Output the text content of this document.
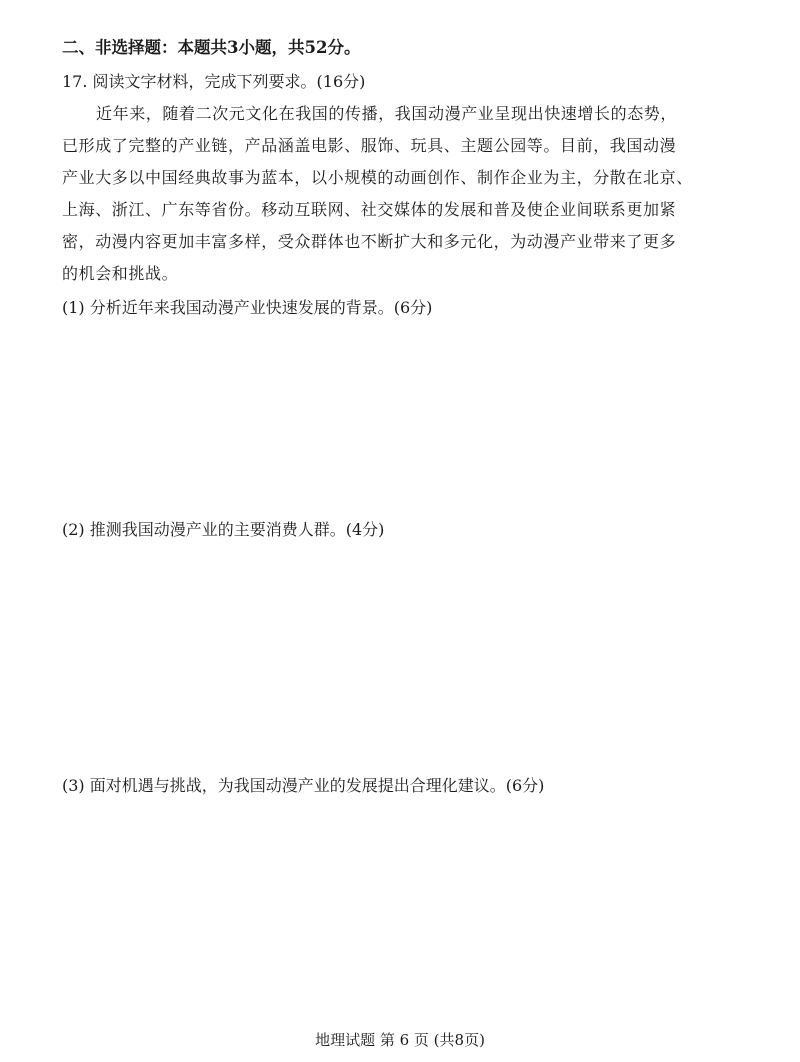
二、非选择题：本题共3小题，共52分。
17. 阅读文字材料，完成下列要求。(16分)
近年来，随着二次元文化在我国的传播，我国动漫产业呈现出快速增长的态势，
已形成了完整的产业链，产品涵盖电影、服饰、玩具、主题公园等。目前，我国动漫
产业大多以中国经典故事为蓝本，以小规模的动画创作、制作企业为主，分散在北京、
上海、浙江、广东等省份。移动互联网、社交媒体的发展和普及使企业间联系更加紧
密，动漫内容更加丰富多样，受众群体也不断扩大和多元化，为动漫产业带来了更多
的机会和挑战。
(1) 分析近年来我国动漫产业快速发展的背景。(6分)
(2) 推测我国动漫产业的主要消费人群。(4分)
(3) 面对机遇与挑战，为我国动漫产业的发展提出合理化建议。(6分)
地理试题 第 6 页 (共8页)
